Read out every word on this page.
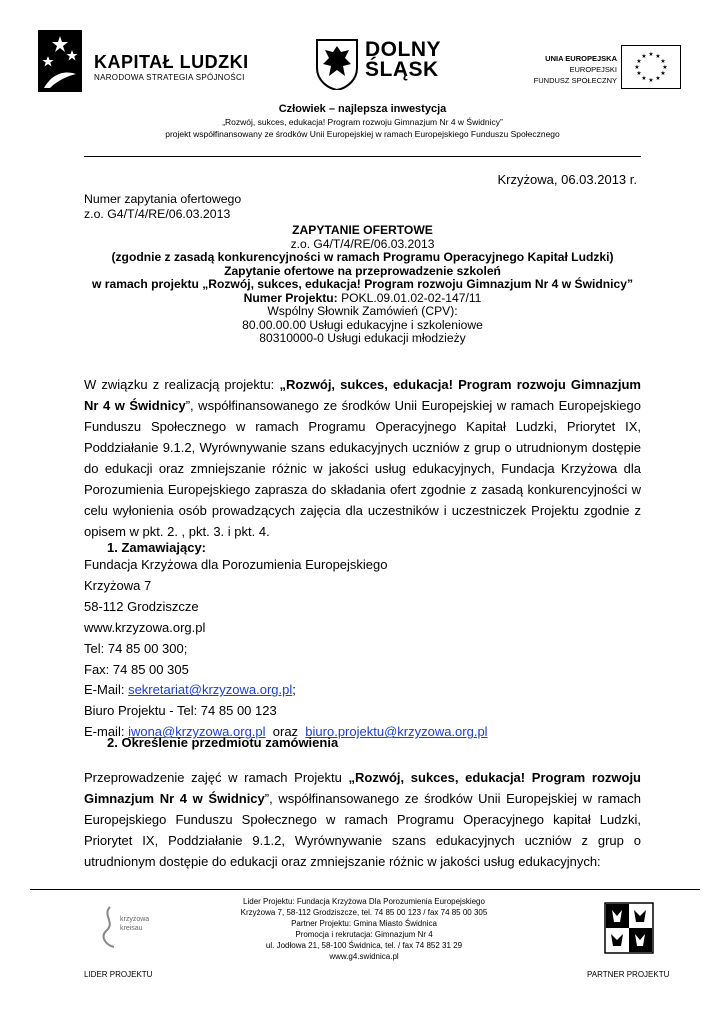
KAPITAŁ LUDZKI
NARODOWA STRATEGIA SPÓJNOŚCI
DOLNY
ŚLĄSK	UNIA EUROPEJSKA
EUROPEJSKI
FUNDUSZ SPOŁECZNY
★ ★
★
★
★
★
★
★
★
★
★
★
Człowiek – najlepsza inwestycja
„Rozwój, sukces, edukacja! Program rozwoju Gimnazjum Nr 4 w Świdnicy”
projekt współfinansowany ze środków Unii Europejskiej w ramach Europejskiego Funduszu Społecznego
Krzyżowa, 06.03.2013 r.
Numer zapytania ofertowego
z.o. G4/T/4/RE/06.03.2013
ZAPYTANIE OFERTOWE
z.o. G4/T/4/RE/06.03.2013
(zgodnie z zasadą konkurencyjności w ramach Programu Operacyjnego Kapitał Ludzki)
Zapytanie ofertowe na przeprowadzenie szkoleń
w ramach projektu „Rozwój, sukces, edukacja! Program rozwoju Gimnazjum Nr 4 w Świdnicy”
Numer Projektu: POKL.09.01.02-02-147/11
Wspólny Słownik Zamówień (CPV):
80.00.00.00 Usługi edukacyjne i szkoleniowe
80310000-0 Usługi edukacji młodzieży
W związku z realizacją projektu: „Rozwój, sukces, edukacja! Program rozwoju Gimnazjum Nr 4 w Świdnicy”, współfinansowanego ze środków Unii Europejskiej w ramach Europejskiego Funduszu Społecznego w ramach Programu Operacyjnego Kapitał Ludzki, Priorytet IX, Poddziałanie 9.1.2, Wyrównywanie szans edukacyjnych uczniów z grup o utrudnionym dostępie do edukacji oraz zmniejszanie różnic w jakości usług edukacyjnych, Fundacja Krzyżowa dla Porozumienia Europejskiego zaprasza do składania ofert zgodnie z zasadą konkurencyjności w celu wyłonienia osób prowadzących zajęcia dla uczestników i uczestniczek Projektu zgodnie z opisem w pkt. 2. , pkt. 3. i pkt. 4.
1. Zamawiający:
Fundacja Krzyżowa dla Porozumienia Europejskiego
Krzyżowa 7
58-112 Grodziszcze
www.krzyzowa.org.pl
Tel: 74 85 00 300;
Fax: 74 85 00 305
E-Mail: sekretariat@krzyzowa.org.pl;
Biuro Projektu - Tel: 74 85 00 123
E-mail: iwona@krzyzowa.org.pl  oraz  biuro.projektu@krzyzowa.org.pl
2. Określenie przedmiotu zamówienia
Przeprowadzenie zajęć w ramach Projektu „Rozwój, sukces, edukacja! Program rozwoju Gimnazjum Nr 4 w Świdnicy”, współfinansowanego ze środków Unii Europejskiej w ramach Europejskiego Funduszu Społecznego w ramach Programu Operacyjnego kapitał Ludzki, Priorytet IX, Poddziałanie 9.1.2, Wyrównywanie szans edukacyjnych uczniów z grup o utrudnionym dostępie do edukacji oraz zmniejszanie różnic w jakości usług edukacyjnych:
krzyżowa
kreisau
Lider Projektu: Fundacja Krzyżowa Dla Porozumienia Europejskiego
Krzyżowa 7, 58-112 Grodziszcze, tel. 74 85 00 123 / fax 74 85 00 305
Partner Projektu: Gmina Miasto Świdnica
Promocja i rekrutacja: Gimnazjum Nr 4
ul. Jodłowa 21, 58-100 Świdnica, tel. / fax 74 852 31 29
www.g4.swidnica.pl
LIDER PROJEKTU	PARTNER PROJEKTU
